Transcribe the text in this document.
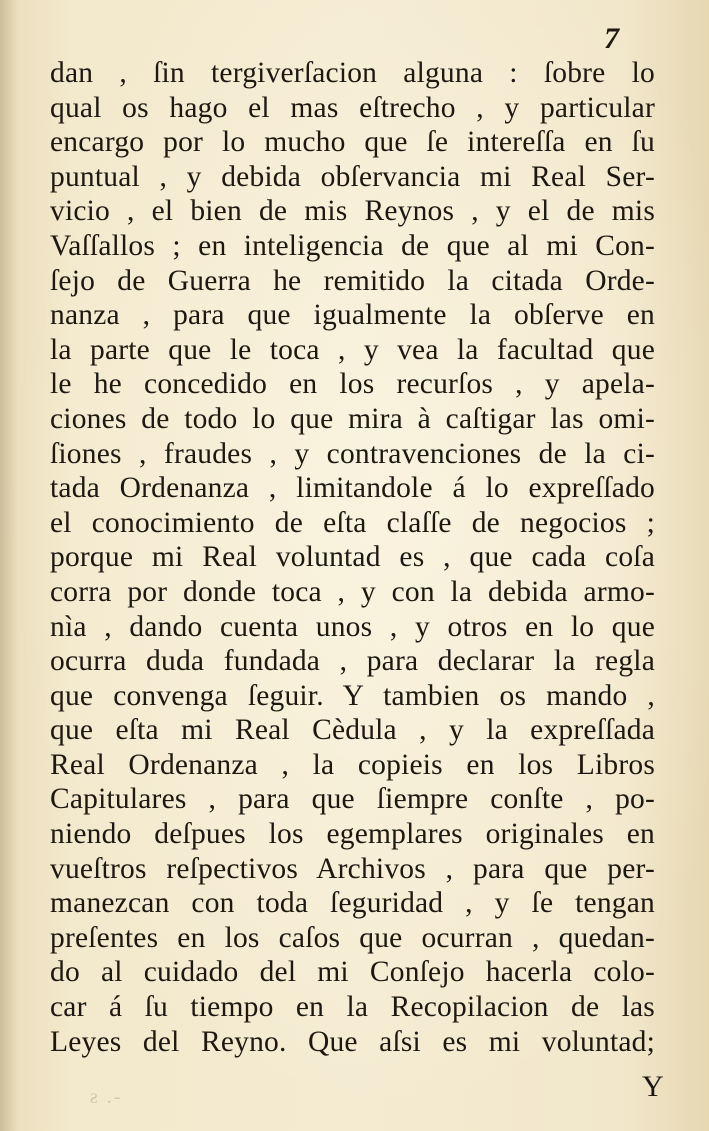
7
dan , ſin tergiverſacion alguna : ſobre lo
qual os hago el mas eſtrecho , y particular
encargo por lo mucho que ſe intereſſa en ſu
puntual , y debida obſervancia mi Real Ser-
vicio , el bien de mis Reynos , y el de mis
Vaſſallos ; en inteligencia de que al mi Con-
ſejo de Guerra he remitido la citada Orde-
nanza , para que igualmente la obſerve en
la parte que le toca , y vea la facultad que
le he concedido en los recurſos , y apela-
ciones de todo lo que mira à caſtigar las omi-
ſiones , fraudes , y contravenciones de la ci-
tada Ordenanza , limitandole á lo expreſſado
el conocimiento de eſta claſſe de negocios ;
porque mi Real voluntad es , que cada coſa
corra por donde toca , y con la debida armo-
nìa , dando cuenta unos , y otros en lo que
ocurra duda fundada , para declarar la regla
que convenga ſeguir. Y tambien os mando ,
que eſta mi Real Cèdula , y la expreſſada
Real Ordenanza , la copieis en los Libros
Capitulares , para que ſiempre conſte , po-
niendo deſpues los egemplares originales en
vueſtros reſpectivos Archivos , para que per-
manezcan con toda ſeguridad , y ſe tengan
preſentes en los caſos que ocurran , quedan-
do al cuidado del mi Conſejo hacerla colo-
car á ſu tiempo en la Recopilacion de las
Leyes del Reyno. Que aſsi es mi voluntad;
ƨ .-	Y
